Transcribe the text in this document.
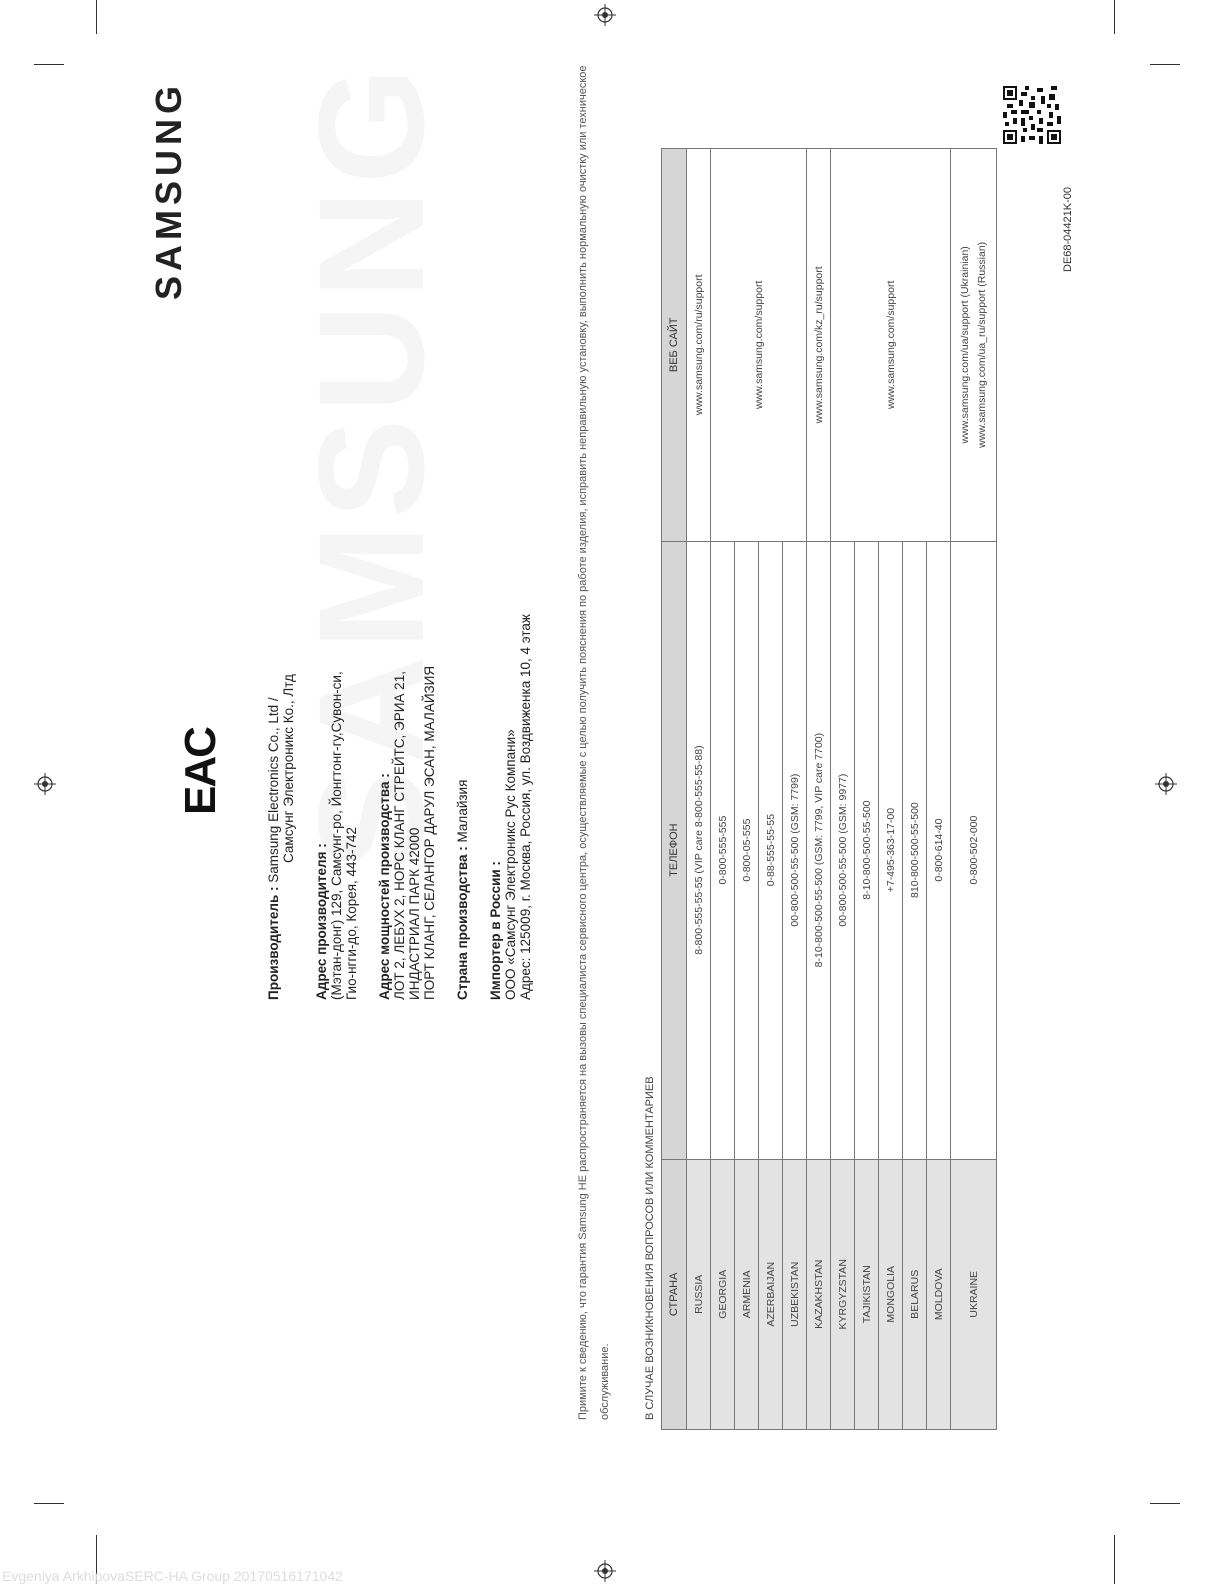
SAMSUNG
EAC
Производитель : Samsung Electronics Co., Ltd / Самсунг Электроникс Ко., Лтд
Адрес производителя : (Мэтан-донг) 129, Самсунг-ро, Йонгтонг-гу,Сувон-си, Гио-нгги-до, Корея, 443-742 Адрес мощностей производства : ЛОТ 2, ЛЕБУХ 2, НОРС КЛАНГ СТРЕЙТС, ЭРИА 21, ИНДАСТРИАЛ ПАРК 42000 ПОРТ КЛАНГ, СЕЛАНГОР ДАРУЛ ЭСАН, МАЛАЙЗИЯ Страна производства : Малайзия
Импортер в России : ООО «Самсунг Электроникс Рус Компани» Адрес: 125009, г. Москва, Россия, ул. Воздвиженка 10, 4 этаж	Примите к сведению, что гарантия Samsung НЕ распространяется на вызовы специалиста сервисного центра, осуществляемые с целью получить пояснения по работе изделия, исправить неправильную установку, выполнить нормальную очистку или техническое обслуживание.	В СЛУЧАЕ ВОЗНИКНОВЕНИЯ ВОПРОСОВ ИЛИ КОММЕНТАРИЕВ СТРАНА	ТЕЛЕФОН	ВЕБ САЙТ
RUSSIA	8-800-555-55-55 (VIP care 8-800-555-55-88)	www.samsung.com/ru/support
GEORGIA	0-800-555-555	www.samsung.com/support
ARMENIA	0-800-05-555	
AZERBAIJAN	0-88-555-55-55	
UZBEKISTAN	00-800-500-55-500 (GSM: 7799)	
KAZAKHSTAN	8-10-800-500-55-500 (GSM: 7799, VIP care 7700)	www.samsung.com/kz_ru/support
KYRGYZSTAN	00-800-500-55-500 (GSM: 9977)	www.samsung.com/support
TAJIKISTAN	8-10-800-500-55-500	
MONGOLIA	+7-495-363-17-00	
BELARUS	810-800-500-55-500	
MOLDOVA	0-800-614-40	
UKRAINE	0-800-502-000	www.samsung.com/ua/support (Ukrainian) www.samsung.com/ua_ru/support (Russian)
DE68-04421K-00
Evgeniya ArkhipovaSERC-HA Group 20170516171042
